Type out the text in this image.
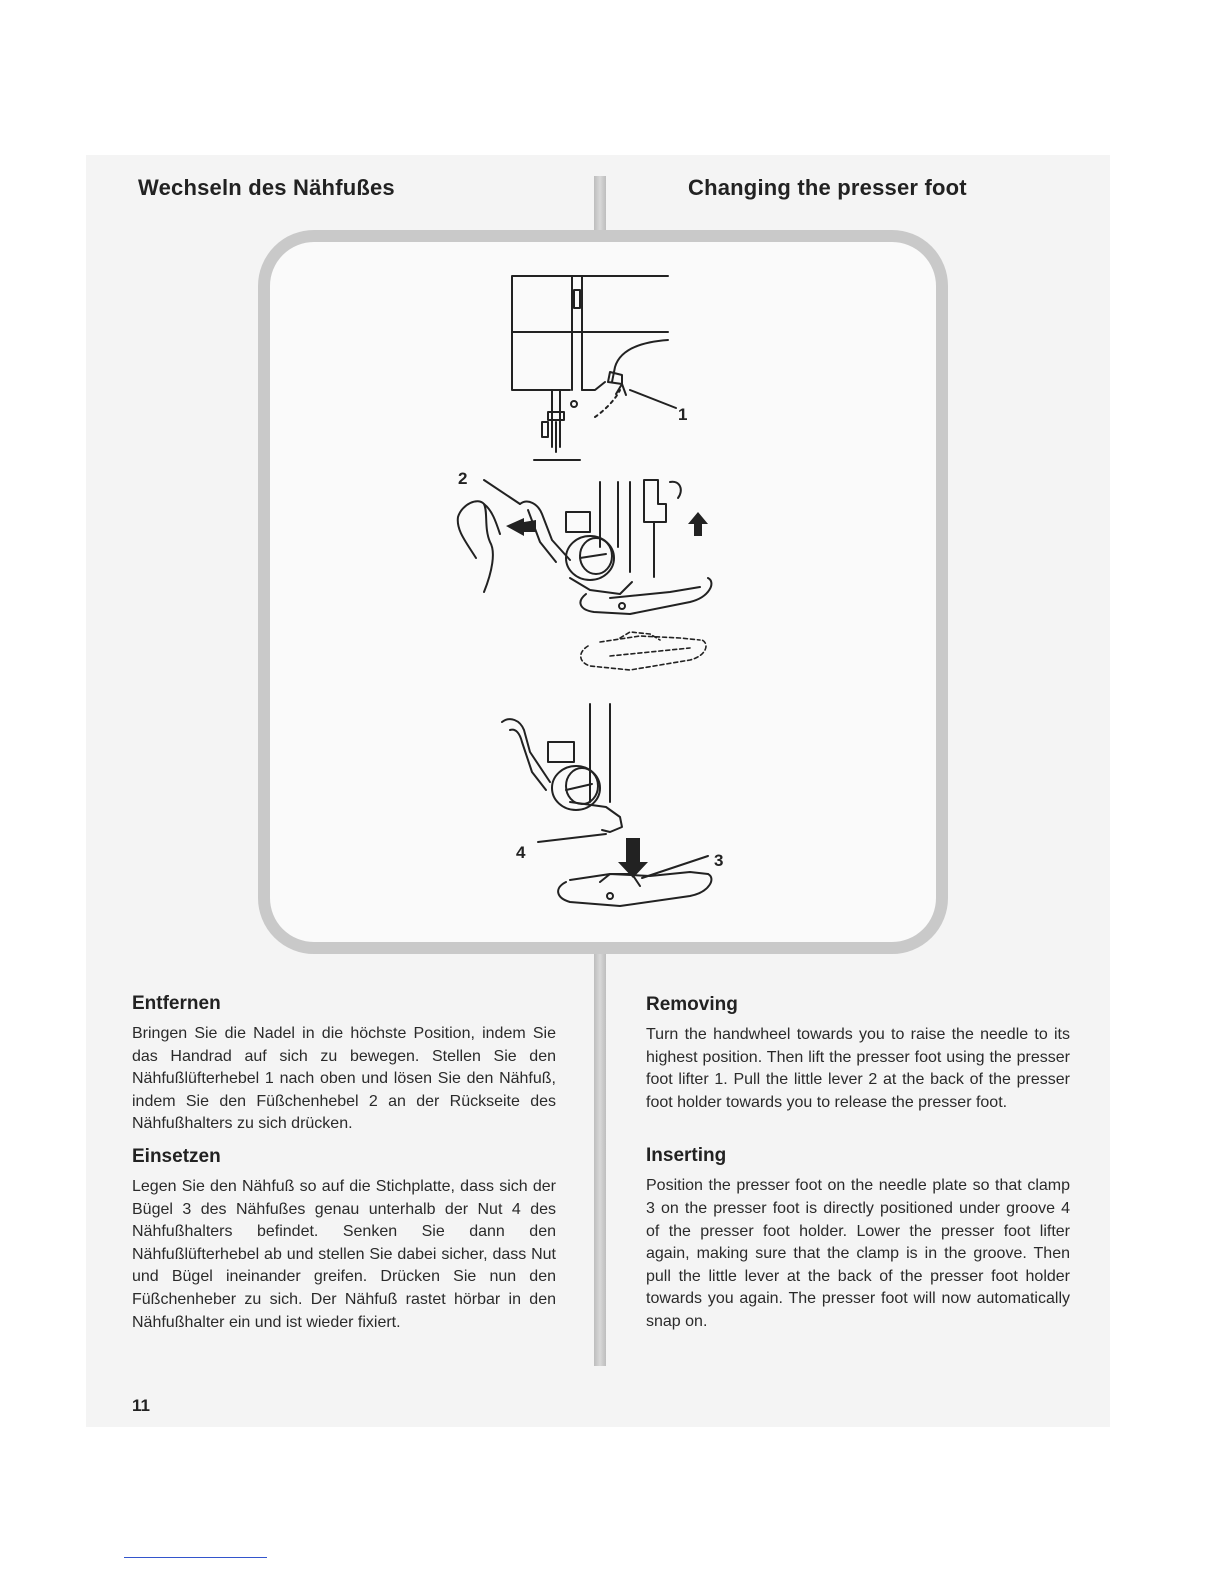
Wechseln des Nähfußes	Changing the presser foot
1
2
3
4
Entfernen

Bringen Sie die Nadel in die höchste Position, indem Sie das Handrad auf sich zu bewegen. Stellen Sie den Nähfußlüfterhebel 1 nach oben und lösen Sie den Nähfuß, indem Sie den Füßchenhebel 2 an der Rückseite des Nähfußhalters zu sich drücken.

Einsetzen

Legen Sie den Nähfuß so auf die Stichplatte, dass sich der Bügel 3 des Nähfußes genau unterhalb der Nut 4 des Nähfußhalters befindet. Senken Sie dann den Nähfußlüfterhebel ab und stellen Sie dabei sicher, dass Nut und Bügel ineinander greifen. Drücken Sie nun den Füßchenheber zu sich. Der Nähfuß rastet hörbar in den Nähfußhalter ein und ist wieder fixiert.

Removing

Turn the handwheel towards you to raise the needle to its highest position. Then lift the presser foot using the presser foot lifter 1. Pull the little lever 2 at the back of the presser foot holder towards you to release the presser foot.

Inserting

Position the presser foot on the needle plate so that clamp 3 on the presser foot is directly positioned under groove 4 of the presser foot holder. Lower the presser foot lifter again, making sure that the clamp is in the groove. Then pull the little lever at the back of the presser foot holder towards you again. The presser foot will now automatically snap on.

11
